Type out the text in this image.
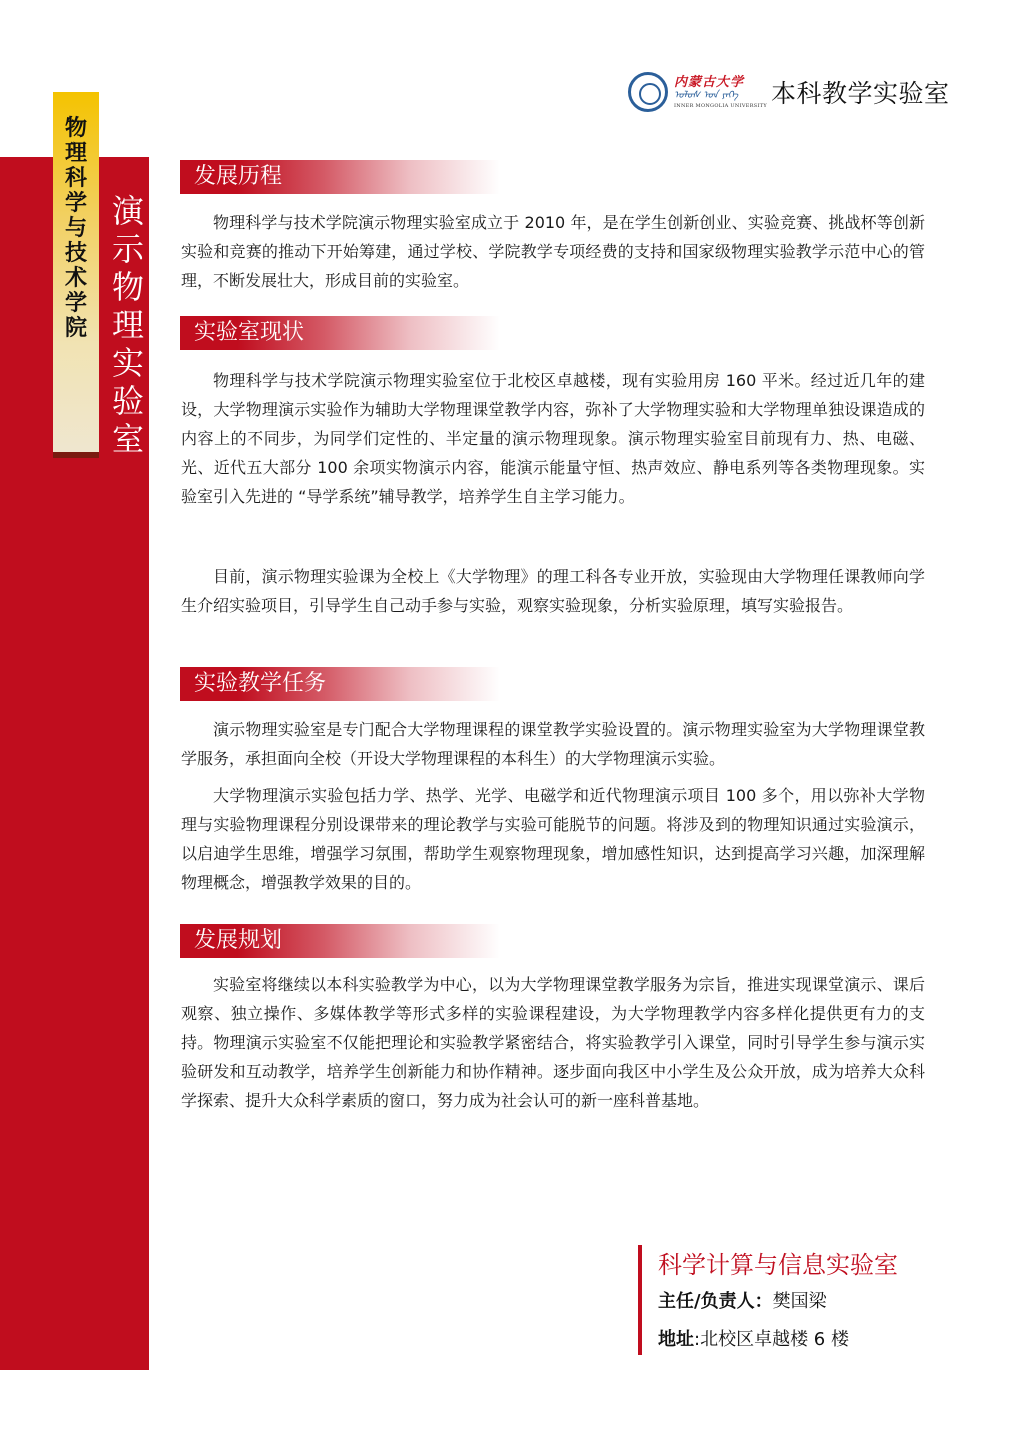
物
理
科
学
与
技
术
学
院
演
示
物
理
实
验
室
内蒙古大学
ᠤᠯᠤᠰ ᠤᠨ ᠶᠡᠬᠡ
INNER MONGOLIA UNIVERSITY 本科教学实验室
发展历程

物理科学与技术学院演示物理实验室成立于 2010 年，是在学生创新创业、实验竞赛、挑战杯等创新实验和竞赛的推动下开始筹建，通过学校、学院教学专项经费的支持和国家级物理实验教学示范中心的管理，不断发展壮大，形成目前的实验室。

实验室现状

物理科学与技术学院演示物理实验室位于北校区卓越楼，现有实验用房 160 平米。经过近几年的建设，大学物理演示实验作为辅助大学物理课堂教学内容，弥补了大学物理实验和大学物理单独设课造成的内容上的不同步，为同学们定性的、半定量的演示物理现象。演示物理实验室目前现有力、热、电磁、光、近代五大部分 100 余项实物演示内容，能演示能量守恒、热声效应、静电系列等各类物理现象。实验室引入先进的 “导学系统”辅导教学，培养学生自主学习能力。

目前，演示物理实验课为全校上《大学物理》的理工科各专业开放，实验现由大学物理任课教师向学生介绍实验项目，引导学生自己动手参与实验，观察实验现象，分析实验原理，填写实验报告。

实验教学任务

演示物理实验室是专门配合大学物理课程的课堂教学实验设置的。演示物理实验室为大学物理课堂教学服务，承担面向全校（开设大学物理课程的本科生）的大学物理演示实验。

大学物理演示实验包括力学、热学、光学、电磁学和近代物理演示项目 100 多个，用以弥补大学物理与实验物理课程分别设课带来的理论教学与实验可能脱节的问题。将涉及到的物理知识通过实验演示，以启迪学生思维，增强学习氛围，帮助学生观察物理现象，增加感性知识，达到提高学习兴趣，加深理解物理概念，增强教学效果的目的。

发展规划

实验室将继续以本科实验教学为中心，以为大学物理课堂教学服务为宗旨，推进实现课堂演示、课后观察、独立操作、多媒体教学等形式多样的实验课程建设，为大学物理教学内容多样化提供更有力的支持。物理演示实验室不仅能把理论和实验教学紧密结合，将实验教学引入课堂，同时引导学生参与演示实验研发和互动教学，培养学生创新能力和协作精神。逐步面向我区中小学生及公众开放，成为培养大众科学探索、提升大众科学素质的窗口，努力成为社会认可的新一座科普基地。

科学计算与信息实验室
主任/负责人：樊国梁
地址:北校区卓越楼 6 楼
